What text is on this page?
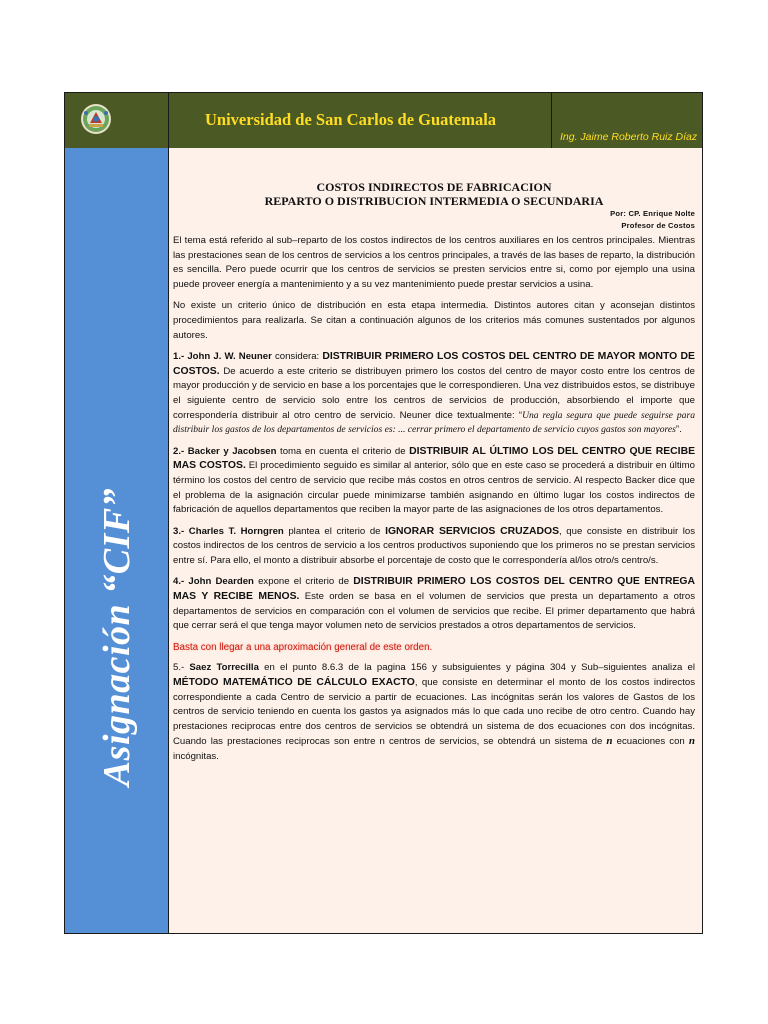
Universidad de San Carlos de Guatemala
Ing. Jaime Roberto Ruiz Díaz
Asignación “CIF”
COSTOS INDIRECTOS DE FABRICACION
REPARTO O DISTRIBUCION INTERMEDIA O SECUNDARIA
Por: CP. Enrique Nolte
Profesor de Costos

El tema está referido al sub–reparto de los costos indirectos de los centros auxiliares en los centros principales. Mientras las prestaciones sean de los centros de servicios a los centros principales, a través de las bases de reparto, la distribución es sencilla. Pero puede ocurrir que los centros de servicios se presten servicios entre si, como por ejemplo una usina puede proveer energía a mantenimiento y a su vez mantenimiento puede prestar servicios a usina.

No existe un criterio único de distribución en esta etapa intermedia. Distintos autores citan y aconsejan distintos procedimientos para realizarla. Se citan a continuación algunos de los criterios más comunes sustentados por algunos autores.

1.- John J. W. Neuner considera: DISTRIBUIR PRIMERO LOS COSTOS DEL CENTRO DE MAYOR MONTO DE COSTOS. De acuerdo a este criterio se distribuyen primero los costos del centro de mayor costo entre los centros de mayor producción y de servicio en base a los porcentajes que le correspondieren. Una vez distribuidos estos, se distribuye el siguiente centro de servicio solo entre los centros de servicios de producción, absorbiendo el importe que correspondería distribuir al otro centro de servicio. Neuner dice textualmente: “Una regla segura que puede seguirse para distribuir los gastos de los departamentos de servicios es: ... cerrar primero el departamento de servicio cuyos gastos son mayores”.

2.- Backer y Jacobsen toma en cuenta el criterio de DISTRIBUIR AL ÚLTIMO LOS DEL CENTRO QUE RECIBE MAS COSTOS. El procedimiento seguido es similar al anterior, sólo que en este caso se procederá a distribuir en último término los costos del centro de servicio que recibe más costos en otros centros de servicio. Al respecto Backer dice que el problema de la asignación circular puede minimizarse también asignando en último lugar los costos indirectos de fabricación de aquellos departamentos que reciben la mayor parte de las asignaciones de los otros departamentos.

3.- Charles T. Horngren plantea el criterio de IGNORAR SERVICIOS CRUZADOS, que consiste en distribuir los costos indirectos de los centros de servicio a los centros productivos suponiendo que los primeros no se prestan servicios entre sí. Para ello, el monto a distribuir absorbe el porcentaje de costo que le correspondería al/los otro/s centro/s.

4.- John Dearden expone el criterio de DISTRIBUIR PRIMERO LOS COSTOS DEL CENTRO QUE ENTREGA MAS Y RECIBE MENOS. Este orden se basa en el volumen de servicios que presta un departamento a otros departamentos de servicios en comparación con el volumen de servicios que recibe. El primer departamento que habrá que cerrar será el que tenga mayor volumen neto de servicios prestados a otros departamentos de servicios.

Basta con llegar a una aproximación general de este orden.

5.- Saez Torrecilla en el punto 8.6.3 de la pagina 156 y subsiguientes y página 304 y Sub–siguientes analiza el MÉTODO MATEMÁTICO DE CÁLCULO EXACTO, que consiste en determinar el monto de los costos indirectos correspondiente a cada Centro de servicio a partir de ecuaciones. Las incógnitas serán los valores de Gastos de los centros de servicio teniendo en cuenta los gastos ya asignados más lo que cada uno recibe de otro centro. Cuando hay prestaciones reciprocas entre dos centros de servicios se obtendrá un sistema de dos ecuaciones con dos incógnitas. Cuando las prestaciones reciprocas son entre n centros de servicios, se obtendrá un sistema de n ecuaciones con n incógnitas.
